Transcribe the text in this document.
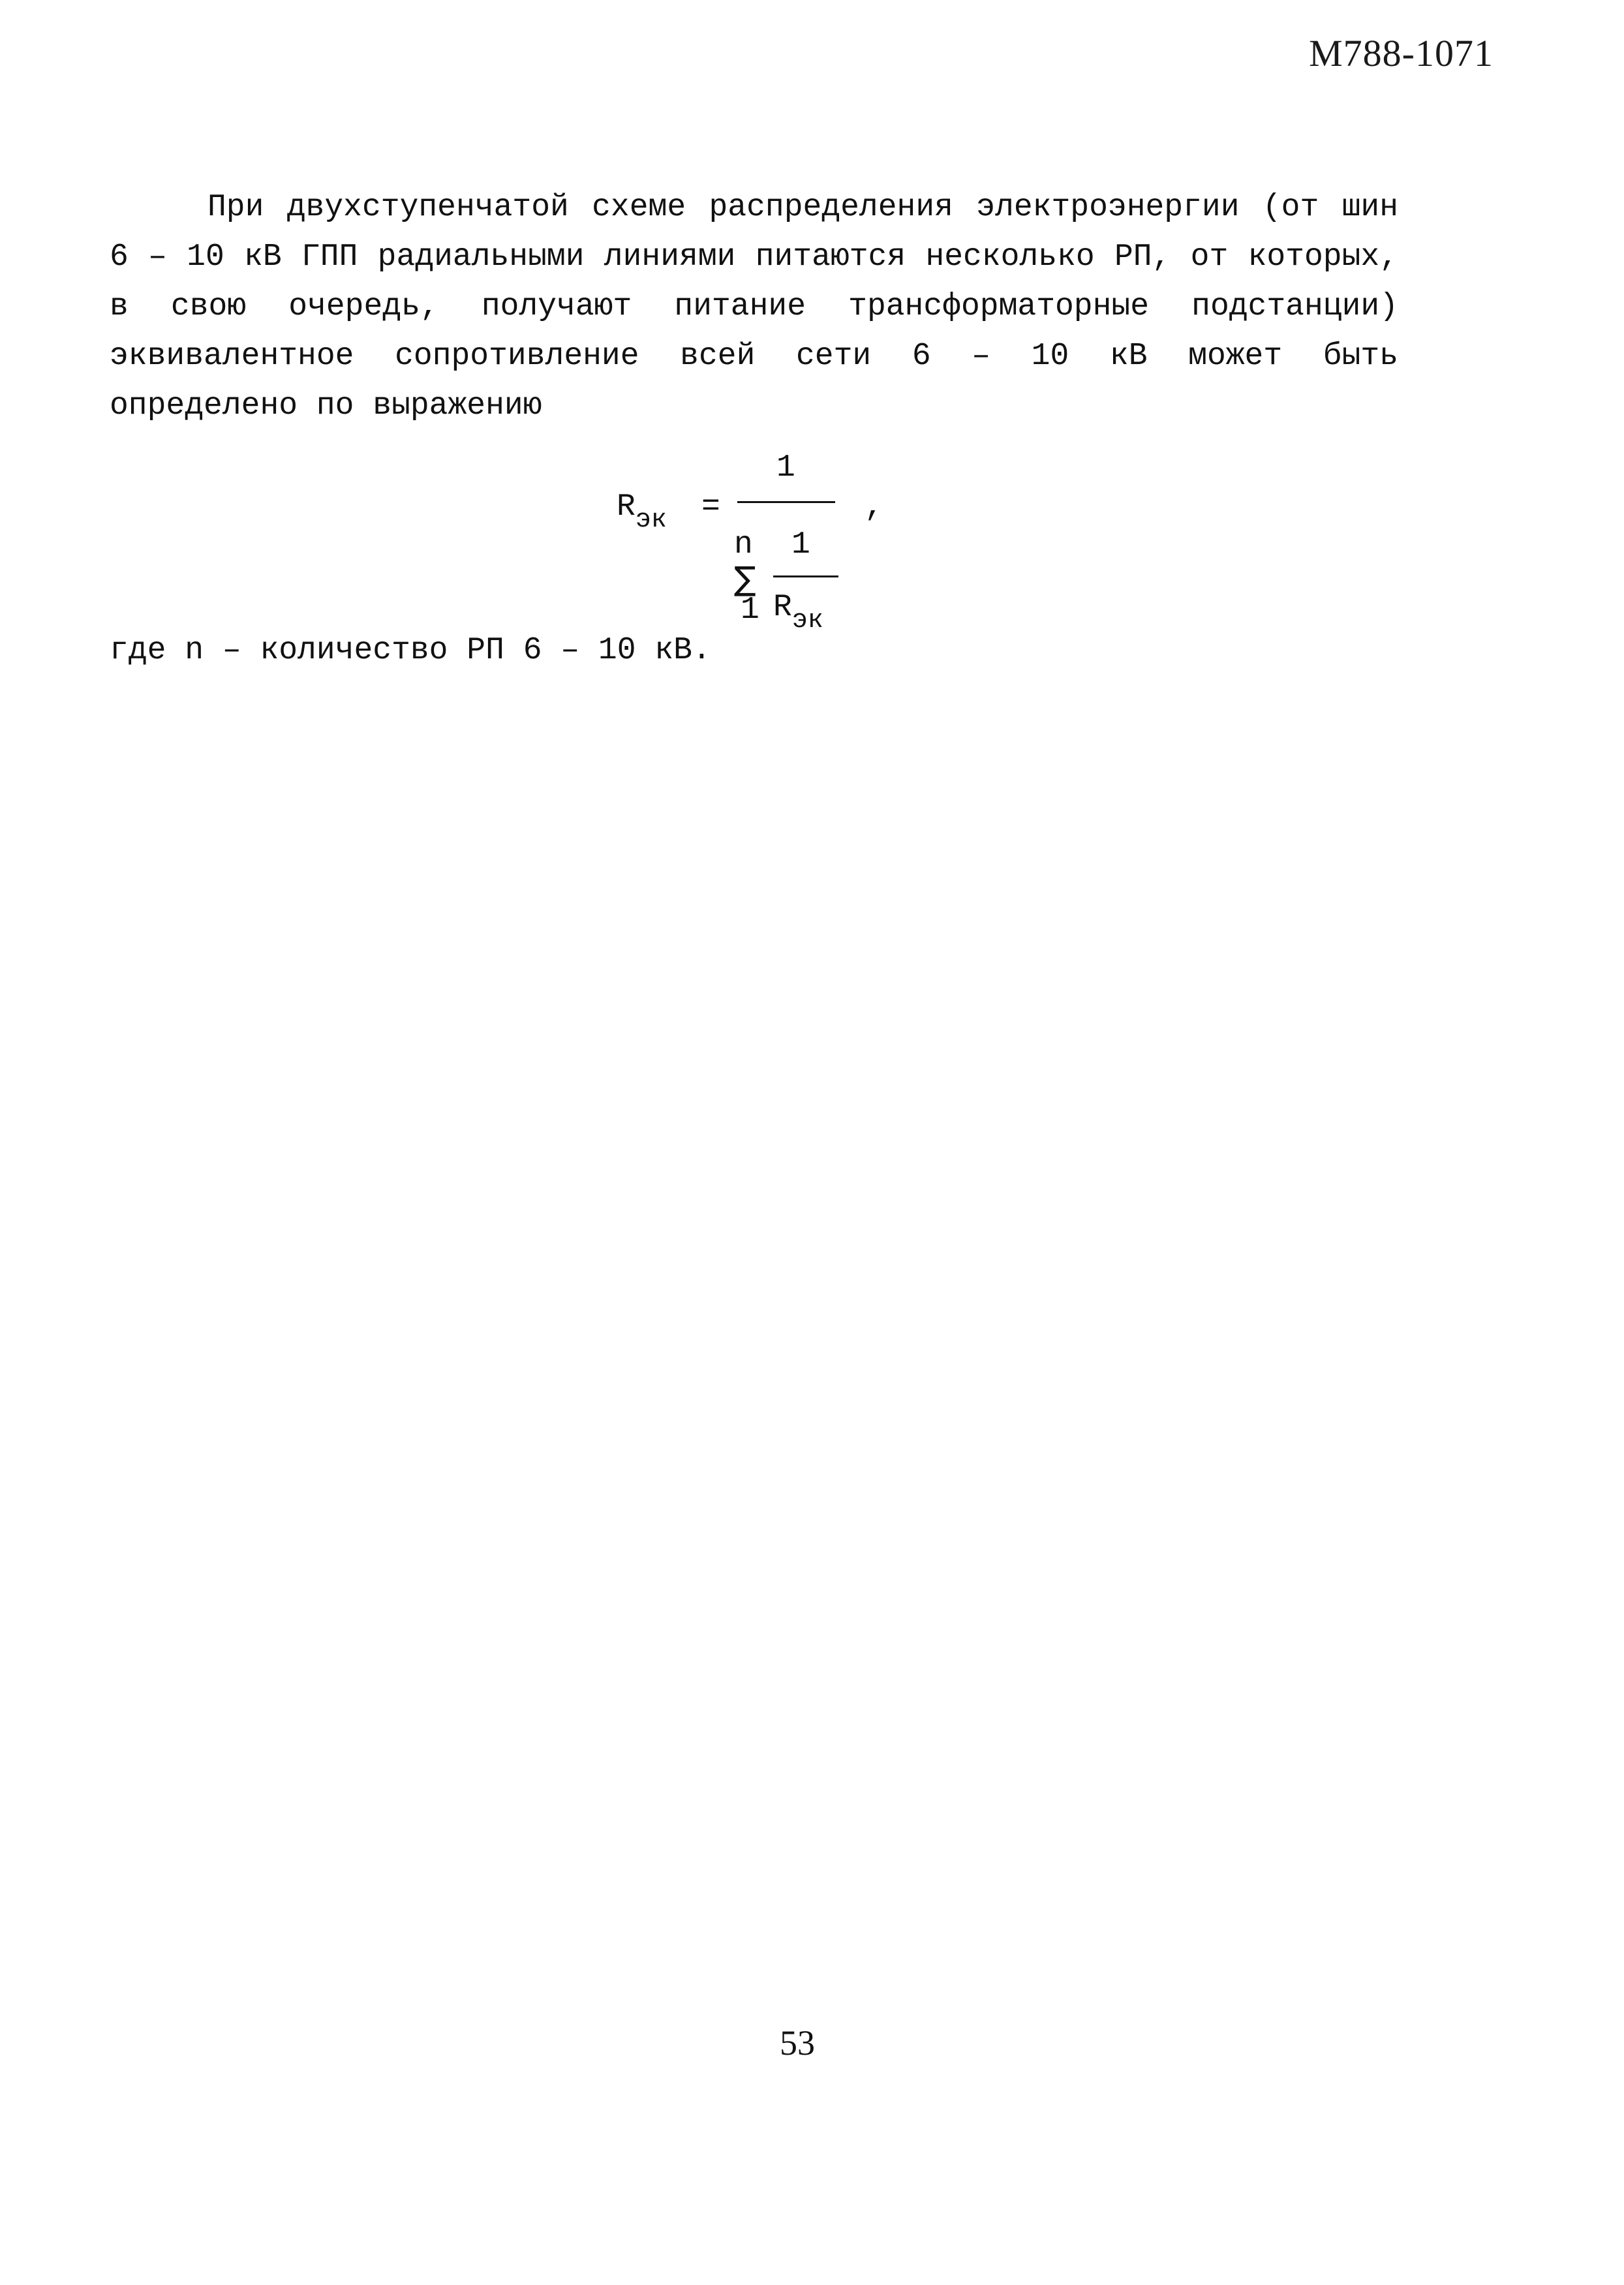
М788-1071
При двухступенчатой схеме распределения электроэнергии (от шин 6 – 10 кВ ГПП радиальными линиями питаются несколько РП, от которых, в свою очередь, получают питание трансформаторные подстанции) эквивалентное сопротивление всей сети 6 – 10 кВ может быть определено по выражению
$R_{эк}$ =
1
,
n
∑
1
1
$R_{эк}$
где n – количество РП 6 – 10 кВ.
53
